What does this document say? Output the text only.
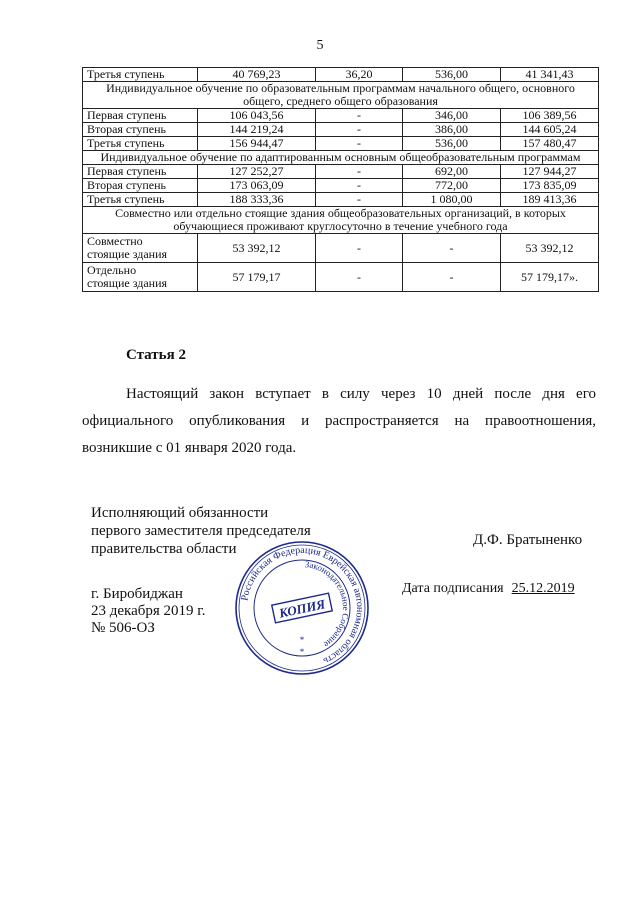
5
Третья ступень	40 769,23	36,20	536,00	41 341,43
Индивидуальное обучение по образовательным программам начального общего, основного общего, среднего общего образования				
Первая ступень	106 043,56	-	346,00	106 389,56
Вторая ступень	144 219,24	-	386,00	144 605,24
Третья ступень	156 944,47	-	536,00	157 480,47
Индивидуальное обучение по адаптированным основным общеобразовательным программам				
Первая ступень	127 252,27	-	692,00	127 944,27
Вторая ступень	173 063,09	-	772,00	173 835,09
Третья ступень	188 333,36	-	1 080,00	189 413,36
Совместно или отдельно стоящие здания общеобразовательных организаций, в которых обучающиеся проживают круглосуточно в течение учебного года				

Совместно
стоящие здания	53 392,12	-	-	53 392,12

Отдельно
стоящие здания	57 179,17	-	-	57 179,17».
Статья 2
Настоящий закон вступает в силу через 10 дней после дня его официального опубликования и распространяется на правоотношения, возникшие с 01 января 2020 года.
Исполняющий обязанности
первого заместителя председателя
правительства области
Д.Ф. Братыненко
г. Биробиджан
23 декабря 2019 г.
№ 506-ОЗ
Дата подписания 25.12.2019
Российская Федерация Еврейская автономная область
Законодательное Собрание
КОПИЯ
*
*
